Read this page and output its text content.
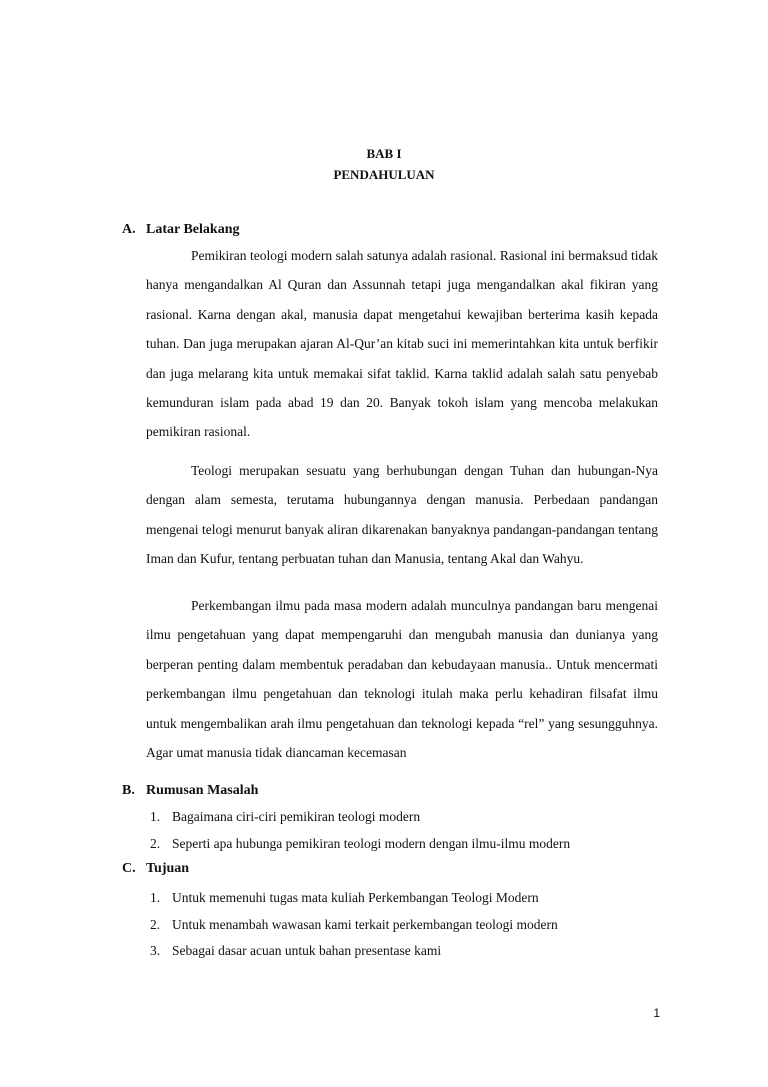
BAB I
PENDAHULUAN
A. Latar Belakang

Pemikiran teologi modern salah satunya adalah rasional. Rasional ini bermaksud tidak hanya mengandalkan Al Quran dan Assunnah tetapi juga mengandalkan akal fikiran yang rasional. Karna dengan akal, manusia dapat mengetahui kewajiban berterima kasih kepada tuhan. Dan juga merupakan ajaran Al-Qur’an kitab suci ini memerintahkan kita untuk berfikir dan juga melarang kita untuk memakai sifat taklid. Karna taklid adalah salah satu penyebab kemunduran islam pada abad 19 dan 20. Banyak tokoh islam yang mencoba melakukan pemikiran rasional.

Teologi merupakan sesuatu yang berhubungan dengan Tuhan dan hubungan-Nya dengan alam semesta, terutama hubungannya dengan manusia. Perbedaan pandangan mengenai telogi menurut banyak aliran dikarenakan banyaknya pandangan-pandangan tentang Iman dan Kufur, tentang perbuatan tuhan dan Manusia, tentang Akal dan Wahyu.

Perkembangan ilmu pada masa modern adalah munculnya pandangan baru mengenai ilmu pengetahuan yang dapat mempengaruhi dan mengubah manusia dan dunianya yang berperan penting dalam membentuk peradaban dan kebudayaan manusia.. Untuk mencermati perkembangan ilmu pengetahuan dan teknologi itulah maka perlu kehadiran filsafat ilmu untuk mengembalikan arah ilmu pengetahuan dan teknologi kepada “rel” yang sesungguhnya. Agar umat manusia tidak diancaman kecemasan

B. Rumusan Masalah
1. Bagaimana ciri-ciri pemikiran teologi modern
2. Seperti apa hubunga pemikiran teologi modern dengan ilmu-ilmu modern
C. Tujuan
1. Untuk memenuhi tugas mata kuliah Perkembangan Teologi Modern
2. Untuk menambah wawasan kami terkait perkembangan teologi modern
3. Sebagai dasar acuan untuk bahan presentase kami
1
